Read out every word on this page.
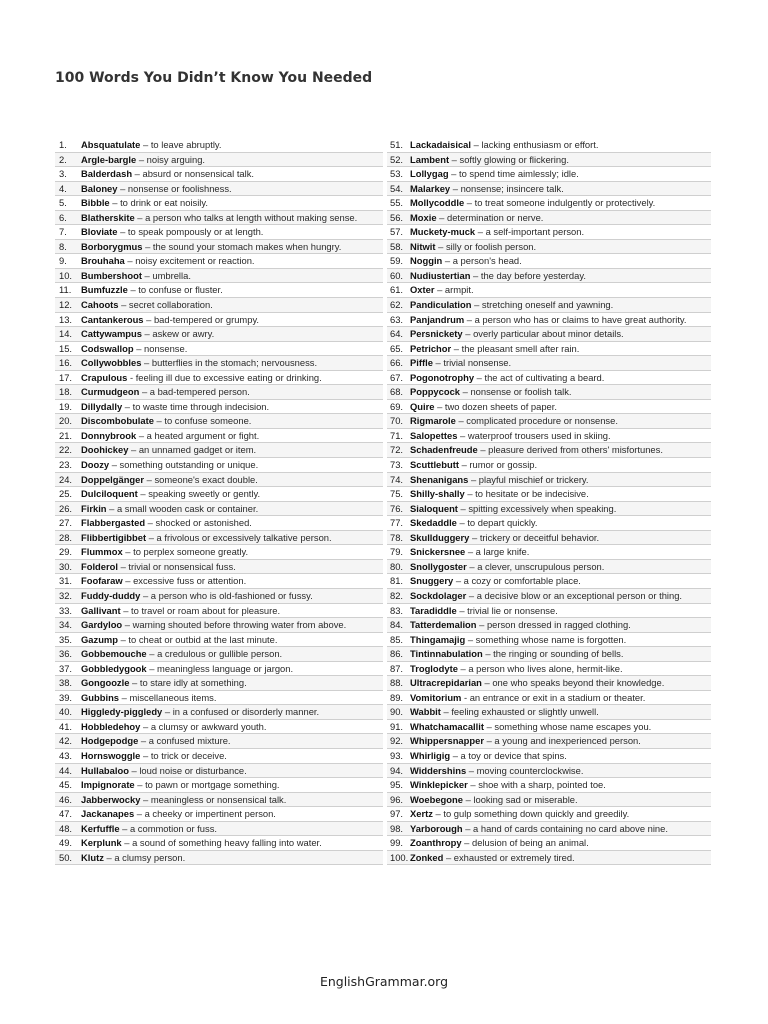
100 Words You Didn’t Know You Needed
1. Absquatulate – to leave abruptly.
2. Argle-bargle – noisy arguing.
3. Balderdash – absurd or nonsensical talk.
4. Baloney – nonsense or foolishness.
5. Bibble – to drink or eat noisily.
6. Blatherskite – a person who talks at length without making sense.
7. Bloviate – to speak pompously or at length.
8. Borborygmus – the sound your stomach makes when hungry.
9. Brouhaha – noisy excitement or reaction.
10. Bumbershoot – umbrella.
11. Bumfuzzle – to confuse or fluster.
12. Cahoots – secret collaboration.
13. Cantankerous – bad-tempered or grumpy.
14. Cattywampus – askew or awry.
15. Codswallop – nonsense.
16. Collywobbles – butterflies in the stomach; nervousness.
17. Crapulous - feeling ill due to excessive eating or drinking.
18. Curmudgeon – a bad-tempered person.
19. Dillydally – to waste time through indecision.
20. Discombobulate – to confuse someone.
21. Donnybrook – a heated argument or fight.
22. Doohickey – an unnamed gadget or item.
23. Doozy – something outstanding or unique.
24. Doppelgänger – someone's exact double.
25. Dulciloquent – speaking sweetly or gently.
26. Firkin – a small wooden cask or container.
27. Flabbergasted – shocked or astonished.
28. Flibbertigibbet – a frivolous or excessively talkative person.
29. Flummox – to perplex someone greatly.
30. Folderol – trivial or nonsensical fuss.
31. Foofaraw – excessive fuss or attention.
32. Fuddy-duddy – a person who is old-fashioned or fussy.
33. Gallivant – to travel or roam about for pleasure.
34. Gardyloo – warning shouted before throwing water from above.
35. Gazump – to cheat or outbid at the last minute.
36. Gobbemouche – a credulous or gullible person.
37. Gobbledygook – meaningless language or jargon.
38. Gongoozle – to stare idly at something.
39. Gubbins – miscellaneous items.
40. Higgledy-piggledy – in a confused or disorderly manner.
41. Hobbledehoy – a clumsy or awkward youth.
42. Hodgepodge – a confused mixture.
43. Hornswoggle – to trick or deceive.
44. Hullabaloo – loud noise or disturbance.
45. Impignorate – to pawn or mortgage something.
46. Jabberwocky – meaningless or nonsensical talk.
47. Jackanapes – a cheeky or impertinent person.
48. Kerfuffle – a commotion or fuss.
49. Kerplunk – a sound of something heavy falling into water.
50. Klutz – a clumsy person.
51. Lackadaisical – lacking enthusiasm or effort.
52. Lambent – softly glowing or flickering.
53. Lollygag – to spend time aimlessly; idle.
54. Malarkey – nonsense; insincere talk.
55. Mollycoddle – to treat someone indulgently or protectively.
56. Moxie – determination or nerve.
57. Muckety-muck – a self-important person.
58. Nitwit – silly or foolish person.
59. Noggin – a person's head.
60. Nudiustertian – the day before yesterday.
61. Oxter – armpit.
62. Pandiculation – stretching oneself and yawning.
63. Panjandrum – a person who has or claims to have great authority.
64. Persnickety – overly particular about minor details.
65. Petrichor – the pleasant smell after rain.
66. Piffle – trivial nonsense.
67. Pogonotrophy – the act of cultivating a beard.
68. Poppycock – nonsense or foolish talk.
69. Quire – two dozen sheets of paper.
70. Rigmarole – complicated procedure or nonsense.
71. Salopettes – waterproof trousers used in skiing.
72. Schadenfreude – pleasure derived from others' misfortunes.
73. Scuttlebutt – rumor or gossip.
74. Shenanigans – playful mischief or trickery.
75. Shilly-shally – to hesitate or be indecisive.
76. Sialoquent – spitting excessively when speaking.
77. Skedaddle – to depart quickly.
78. Skullduggery – trickery or deceitful behavior.
79. Snickersnee – a large knife.
80. Snollygoster – a clever, unscrupulous person.
81. Snuggery – a cozy or comfortable place.
82. Sockdolager – a decisive blow or an exceptional person or thing.
83. Taradiddle – trivial lie or nonsense.
84. Tatterdemalion – person dressed in ragged clothing.
85. Thingamajig – something whose name is forgotten.
86. Tintinnabulation – the ringing or sounding of bells.
87. Troglodyte – a person who lives alone, hermit-like.
88. Ultracrepidarian – one who speaks beyond their knowledge.
89. Vomitorium - an entrance or exit in a stadium or theater.
90. Wabbit – feeling exhausted or slightly unwell.
91. Whatchamacallit – something whose name escapes you.
92. Whippersnapper – a young and inexperienced person.
93. Whirligig – a toy or device that spins.
94. Widdershins – moving counterclockwise.
95. Winklepicker – shoe with a sharp, pointed toe.
96. Woebegone – looking sad or miserable.
97. Xertz – to gulp something down quickly and greedily.
98. Yarborough – a hand of cards containing no card above nine.
99. Zoanthropy – delusion of being an animal.
100. Zonked – exhausted or extremely tired.
EnglishGrammar.org
